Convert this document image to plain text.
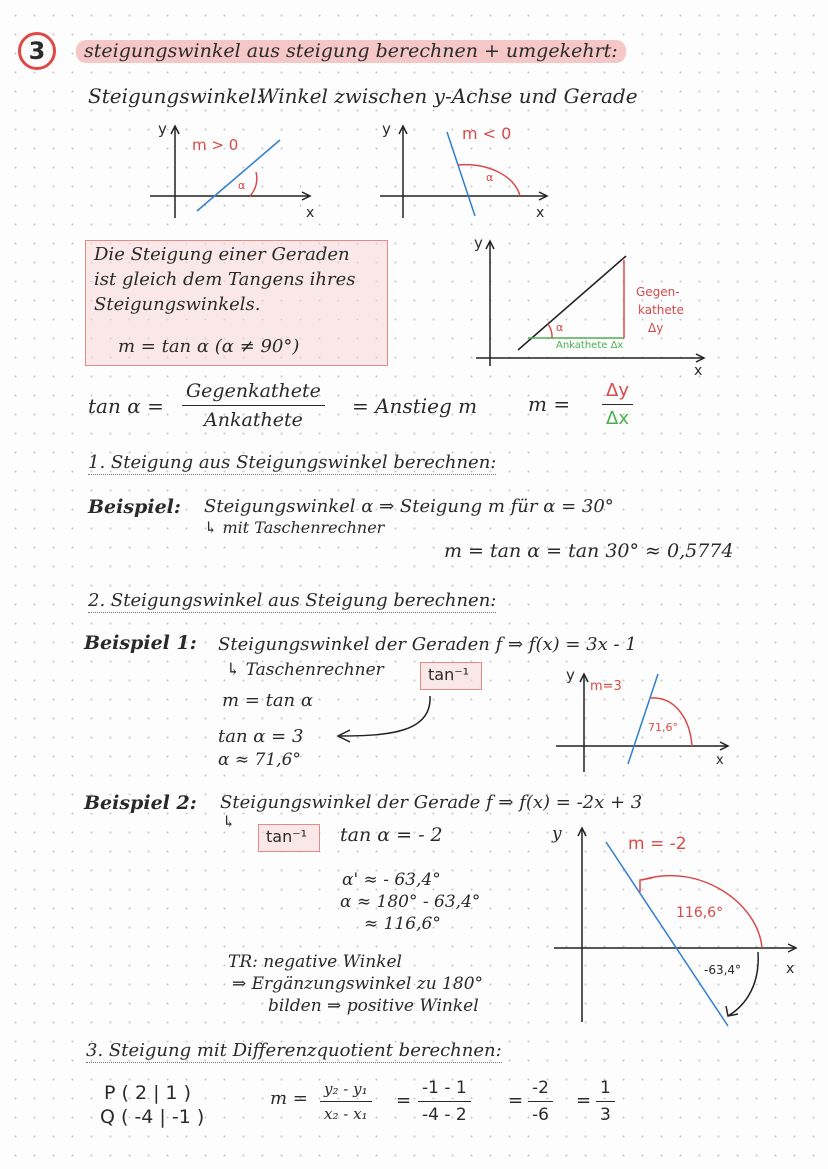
3	steigungswinkel aus steigung berechnen + umgekehrt:
Steigungswinkel:
Winkel zwischen y-Achse und Gerade
y
x
m > 0
α
y
x
m < 0
α
Die Steigung einer Geraden
ist gleich dem Tangens ihres
Steigungswinkels.
m = tan α (α ≠ 90°)
y
x
α
Gegen-
kathete
Δy
Ankathete Δx
tan α =
Gegenkathete
Ankathete
= Anstieg m	$m = \frac{\Delta y}{\Delta x}$
1. Steigung aus Steigungswinkel berechnen:
Beispiel: Steigungswinkel α ⇒ Steigung m für α = 30°
↳ mit Taschenrechner
m = tan α = tan 30° ≈ 0,5774
2. Steigungswinkel aus Steigung berechnen:
Beispiel 1: Steigungswinkel der Geraden f ⇒ f(x) = 3x - 1
↳ Taschenrechner	tan⁻¹
m = tan α
tan α = 3
α ≈ 71,6°
y
x
m=3
71,6°
Beispiel 2: Steigungswinkel der Gerade f ⇒ f(x) = -2x + 3
↳
tan⁻¹ tan α = - 2
α' ≈ - 63,4°
α ≈ 180° - 63,4°
≈ 116,6°
TR: negative Winkel
⇒ Ergänzungswinkel zu 180°
bilden ⇒ positive Winkel
y
x
m = -2
116,6°
-63,4°
3. Steigung mit Differenzquotient berechnen:
P ( 2 | 1 )
Q ( -4 | -1 )
$m = \frac{\text{y₂ - y₁}}{\text{x₂ - x₁}} = \frac{-1 - 1}{-4 - 2} = \frac{-2}{-6} = \frac{1}{3}$
